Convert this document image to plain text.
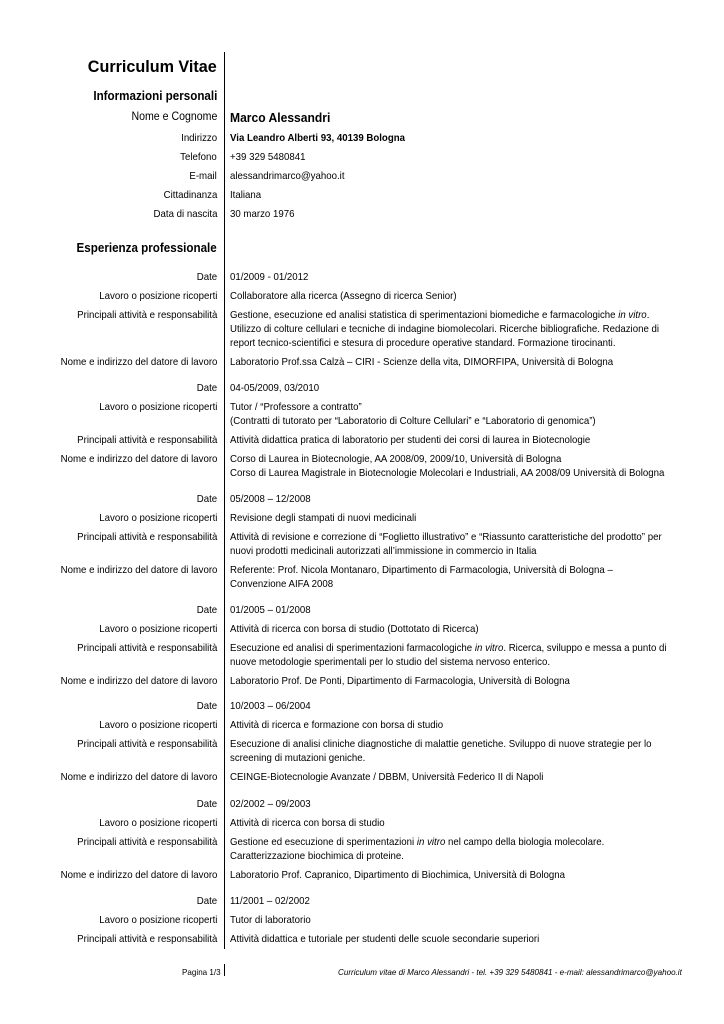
Curriculum Vitae
Informazioni personali
Nome e Cognome Marco Alessandri
Indirizzo Via Leandro Alberti 93, 40139 Bologna
Telefono +39 329 5480841
E-mail alessandrimarco@yahoo.it
Cittadinanza Italiana
Data di nascita 30 marzo 1976
Esperienza professionale
Date 01/2009 - 01/2012
Lavoro o posizione ricoperti Collaboratore alla ricerca (Assegno di ricerca Senior)
Principali attività e responsabilità Gestione, esecuzione ed analisi statistica di sperimentazioni biomediche e farmacologiche in vitro.
Utilizzo di colture cellulari e tecniche di indagine biomolecolari. Ricerche bibliografiche. Redazione di
report tecnico-scientifici e stesura di procedure operative standard. Formazione tirocinanti.
Nome e indirizzo del datore di lavoro Laboratorio Prof.ssa Calzà – CIRI - Scienze della vita, DIMORFIPA, Università di Bologna
Date 04-05/2009, 03/2010
Lavoro o posizione ricoperti Tutor / “Professore a contratto”
(Contratti di tutorato per “Laboratorio di Colture Cellulari” e “Laboratorio di genomica”)
Principali attività e responsabilità Attività didattica pratica di laboratorio per studenti dei corsi di laurea in Biotecnologie
Nome e indirizzo del datore di lavoro Corso di Laurea in Biotecnologie, AA 2008/09, 2009/10, Università di Bologna
Corso di Laurea Magistrale in Biotecnologie Molecolari e Industriali, AA 2008/09 Università di Bologna
Date 05/2008 – 12/2008
Lavoro o posizione ricoperti Revisione degli stampati di nuovi medicinali
Principali attività e responsabilità Attività di revisione e correzione di “Foglietto illustrativo” e “Riassunto caratteristiche del prodotto” per
nuovi prodotti medicinali autorizzati all’immissione in commercio in Italia
Nome e indirizzo del datore di lavoro Referente: Prof. Nicola Montanaro, Dipartimento di Farmacologia, Università di Bologna –
Convenzione AIFA 2008
Date 01/2005 – 01/2008
Lavoro o posizione ricoperti Attività di ricerca con borsa di studio (Dottotato di Ricerca)
Principali attività e responsabilità Esecuzione ed analisi di sperimentazioni farmacologiche in vitro. Ricerca, sviluppo e messa a punto di
nuove metodologie sperimentali per lo studio del sistema nervoso enterico.
Nome e indirizzo del datore di lavoro Laboratorio Prof. De Ponti, Dipartimento di Farmacologia, Università di Bologna
Date 10/2003 – 06/2004
Lavoro o posizione ricoperti Attività di ricerca e formazione con borsa di studio
Principali attività e responsabilità Esecuzione di analisi cliniche diagnostiche di malattie genetiche. Sviluppo di nuove strategie per lo
screening di mutazioni geniche.
Nome e indirizzo del datore di lavoro CEINGE-Biotecnologie Avanzate / DBBM, Università Federico II di Napoli
Date 02/2002 – 09/2003
Lavoro o posizione ricoperti Attività di ricerca con borsa di studio
Principali attività e responsabilità Gestione ed esecuzione di sperimentazioni in vitro nel campo della biologia molecolare.
Caratterizzazione biochimica di proteine.
Nome e indirizzo del datore di lavoro Laboratorio Prof. Capranico, Dipartimento di Biochimica, Università di Bologna
Date 11/2001 – 02/2002
Lavoro o posizione ricoperti Tutor di laboratorio
Principali attività e responsabilità Attività didattica e tutoriale per studenti delle scuole secondarie superiori
Pagina 1/3	Curriculum vitae di Marco Alessandri - tel. +39 329 5480841 - e-mail: alessandrimarco@yahoo.it
